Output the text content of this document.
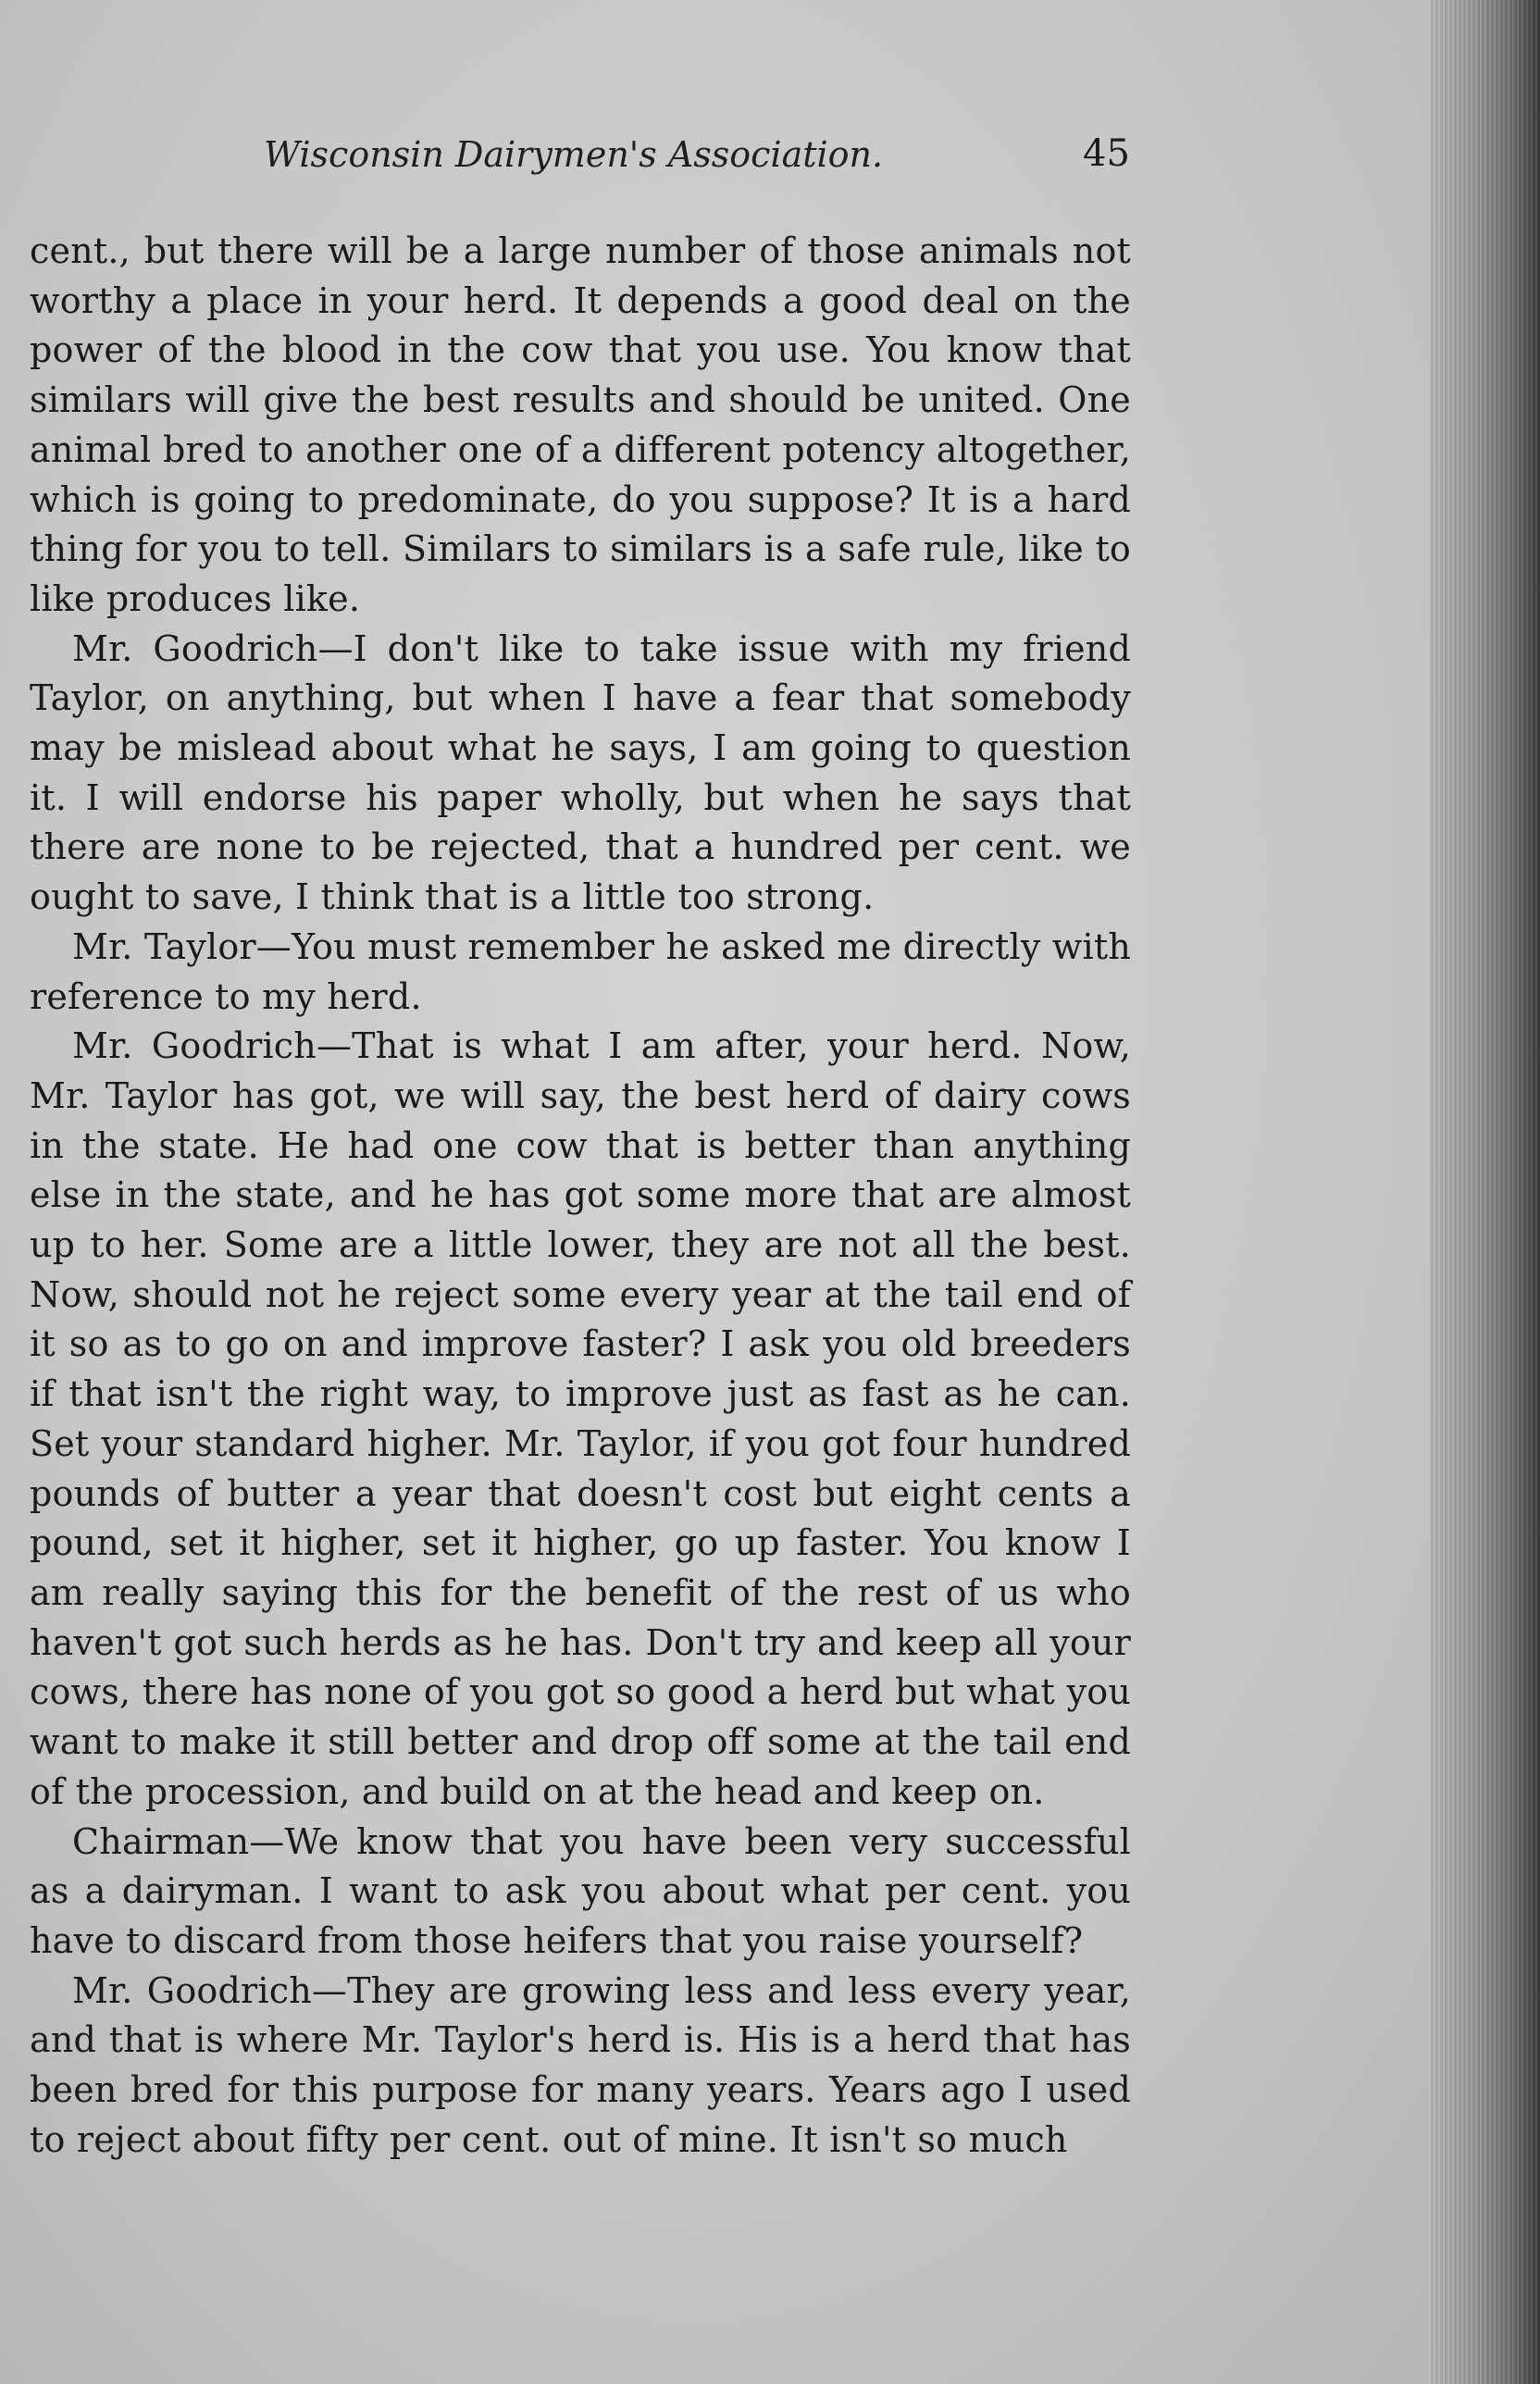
Wisconsin Dairymen's Association.	45

cent., but there will be a large number of those animals not worthy a place in your herd. It depends a good deal on the power of the blood in the cow that you use. You know that similars will give the best results and should be united. One animal bred to another one of a different potency altogether, which is going to predominate, do you suppose? It is a hard thing for you to tell. Similars to similars is a safe rule, like to like produces like.

Mr. Goodrich—I don't like to take issue with my friend Taylor, on anything, but when I have a fear that somebody may be mislead about what he says, I am going to question it. I will endorse his paper wholly, but when he says that there are none to be rejected, that a hundred per cent. we ought to save, I think that is a little too strong.

Mr. Taylor—You must remember he asked me directly with reference to my herd.

Mr. Goodrich—That is what I am after, your herd. Now, Mr. Taylor has got, we will say, the best herd of dairy cows in the state. He had one cow that is better than anything else in the state, and he has got some more that are almost up to her. Some are a little lower, they are not all the best. Now, should not he reject some every year at the tail end of it so as to go on and improve faster? I ask you old breeders if that isn't the right way, to improve just as fast as he can. Set your standard higher. Mr. Taylor, if you got four hundred pounds of butter a year that doesn't cost but eight cents a pound, set it higher, set it higher, go up faster. You know I am really saying this for the benefit of the rest of us who haven't got such herds as he has. Don't try and keep all your cows, there has none of you got so good a herd but what you want to make it still better and drop off some at the tail end of the procession, and build on at the head and keep on.

Chairman—We know that you have been very successful as a dairyman. I want to ask you about what per cent. you have to discard from those heifers that you raise yourself?

Mr. Goodrich—They are growing less and less every year, and that is where Mr. Taylor's herd is. His is a herd that has been bred for this purpose for many years. Years ago I used to reject about fifty per cent. out of mine. It isn't so much
